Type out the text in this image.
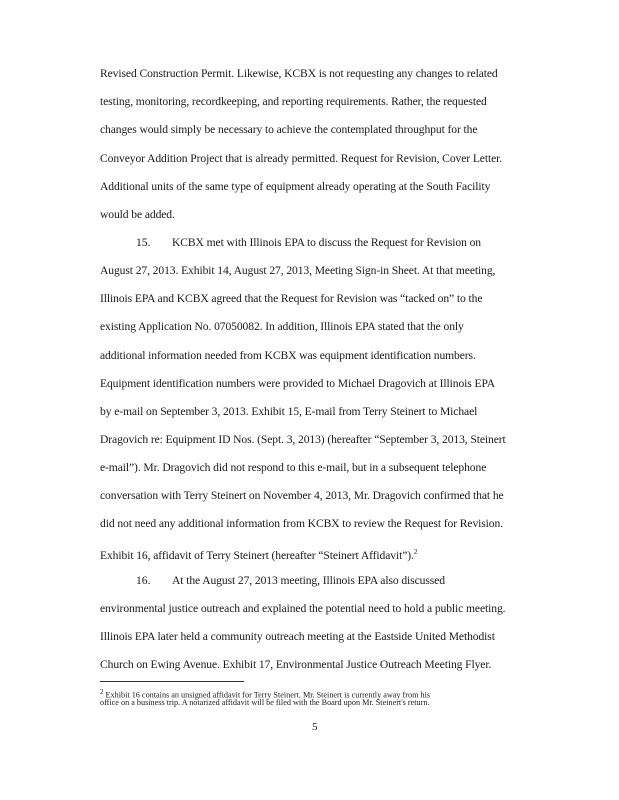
Revised Construction Permit. Likewise, KCBX is not requesting any changes to related
testing, monitoring, recordkeeping, and reporting requirements. Rather, the requested
changes would simply be necessary to achieve the contemplated throughput for the
Conveyor Addition Project that is already permitted. Request for Revision, Cover Letter.
Additional units of the same type of equipment already operating at the South Facility
would be added.
15. KCBX met with Illinois EPA to discuss the Request for Revision on
August 27, 2013. Exhibit 14, August 27, 2013, Meeting Sign-in Sheet. At that meeting,
Illinois EPA and KCBX agreed that the Request for Revision was “tacked on” to the
existing Application No. 07050082. In addition, Illinois EPA stated that the only
additional information needed from KCBX was equipment identification numbers.
Equipment identification numbers were provided to Michael Dragovich at Illinois EPA
by e-mail on September 3, 2013. Exhibit 15, E-mail from Terry Steinert to Michael
Dragovich re: Equipment ID Nos. (Sept. 3, 2013) (hereafter “September 3, 2013, Steinert
e-mail”). Mr. Dragovich did not respond to this e-mail, but in a subsequent telephone
conversation with Terry Steinert on November 4, 2013, Mr. Dragovich confirmed that he
did not need any additional information from KCBX to review the Request for Revision.
Exhibit 16, affidavit of Terry Steinert (hereafter “Steinert Affidavit”).$^2$
16. At the August 27, 2013 meeting, Illinois EPA also discussed
environmental justice outreach and explained the potential need to hold a public meeting.
Illinois EPA later held a community outreach meeting at the Eastside United Methodist
Church on Ewing Avenue. Exhibit 17, Environmental Justice Outreach Meeting Flyer.
$^2$ Exhibit 16 contains an unsigned affidavit for Terry Steinert. Mr. Steinert is currently away from his
office on a business trip. A notarized affidavit will be filed with the Board upon Mr. Steinert's return.
5
